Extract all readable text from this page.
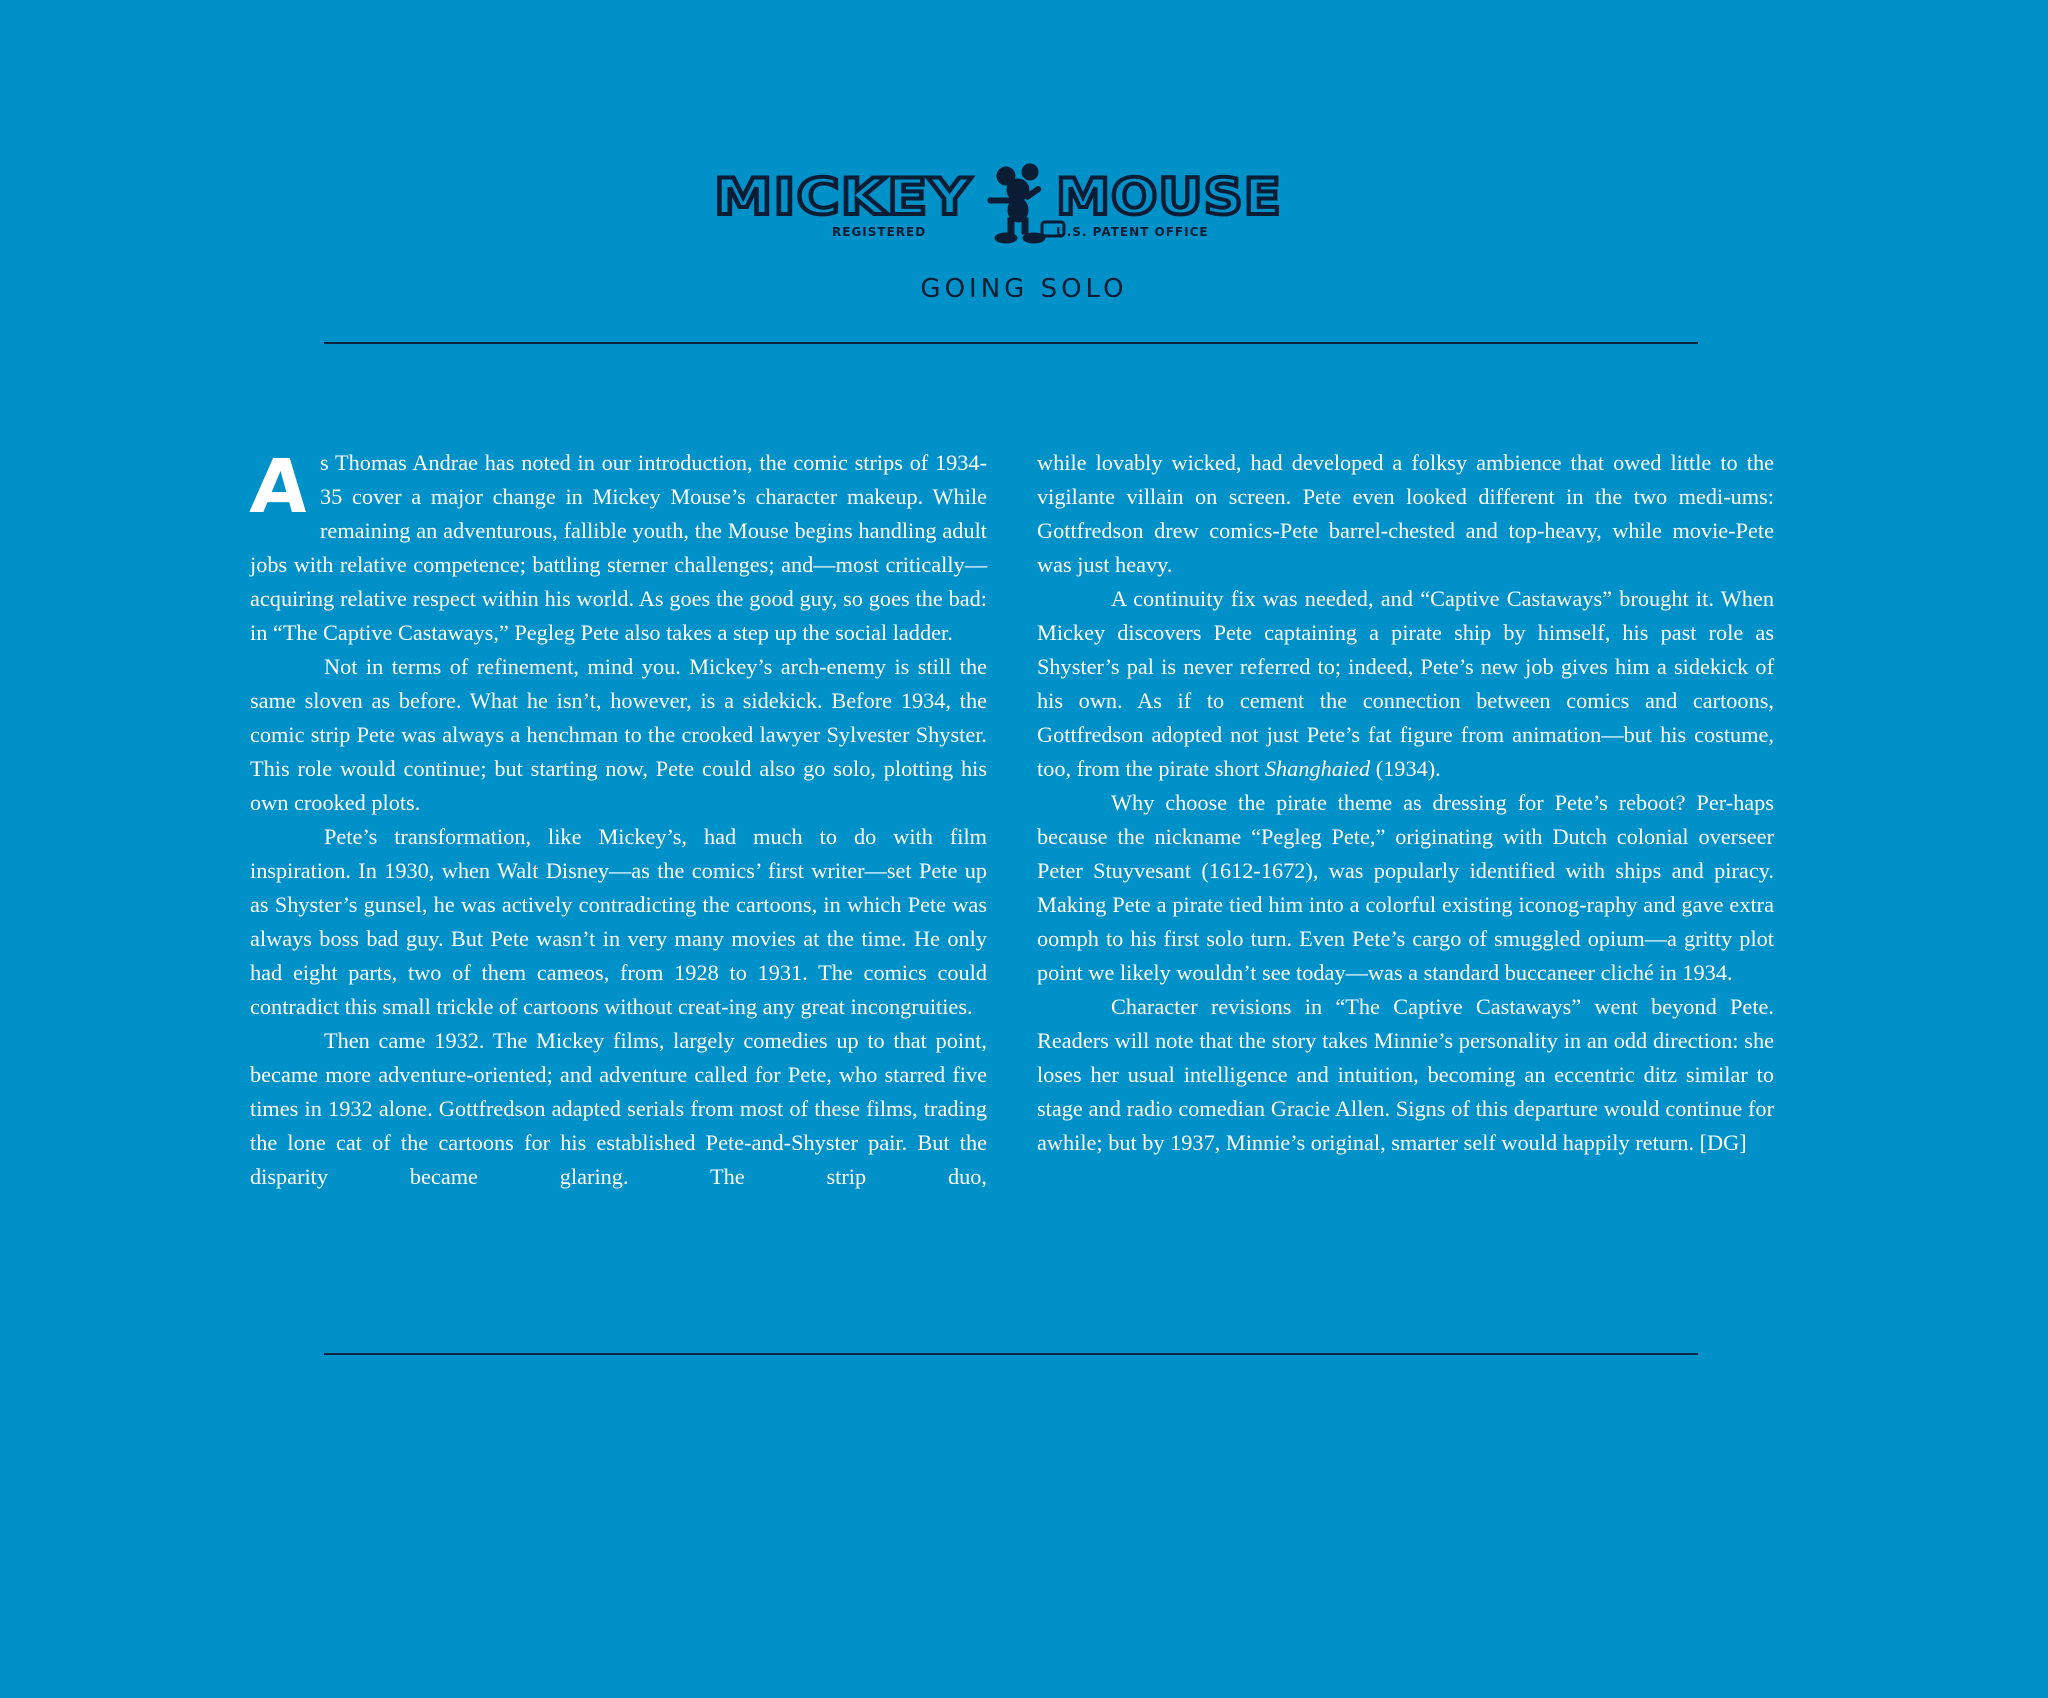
MICKEY
REGISTERED
MOUSE
U.S. PATENT OFFICE
GOING SOLO

As Thomas Andrae has noted in our introduction, the comic strips of 1934-35 cover a major change in Mickey Mouse’s character makeup. While remaining an adventurous, fallible youth, the Mouse begins handling adult jobs with relative competence; battling sterner challenges; and—most critically—acquiring relative respect within his world. As goes the good guy, so goes the bad: in “The Captive Castaways,” Pegleg Pete also takes a step up the social ladder.

Not in terms of refinement, mind you. Mickey’s arch-enemy is still the same sloven as before. What he isn’t, however, is a sidekick. Before 1934, the comic strip Pete was always a henchman to the crooked lawyer Sylvester Shyster. This role would continue; but starting now, Pete could also go solo, plotting his own crooked plots.

Pete’s transformation, like Mickey’s, had much to do with film inspiration. In 1930, when Walt Disney—as the comics’ first writer—set Pete up as Shyster’s gunsel, he was actively contradicting the cartoons, in which Pete was always boss bad guy. But Pete wasn’t in very many movies at the time. He only had eight parts, two of them cameos, from 1928 to 1931. The comics could contradict this small trickle of cartoons without creat-ing any great incongruities.

Then came 1932. The Mickey films, largely comedies up to that point, became more adventure-oriented; and adventure called for Pete, who starred five times in 1932 alone. Gottfredson adapted serials from most of these films, trading the lone cat of the cartoons for his established Pete-and-Shyster pair. But the disparity became glaring. The strip duo,

while lovably wicked, had developed a folksy ambience that owed little to the vigilante villain on screen. Pete even looked different in the two medi-ums: Gottfredson drew comics-Pete barrel-chested and top-heavy, while movie-Pete was just heavy.

A continuity fix was needed, and “Captive Castaways” brought it. When Mickey discovers Pete captaining a pirate ship by himself, his past role as Shyster’s pal is never referred to; indeed, Pete’s new job gives him a sidekick of his own. As if to cement the connection between comics and cartoons, Gottfredson adopted not just Pete’s fat figure from animation—but his costume, too, from the pirate short Shanghaied (1934).

Why choose the pirate theme as dressing for Pete’s reboot? Per-haps because the nickname “Pegleg Pete,” originating with Dutch colonial overseer Peter Stuyvesant (1612-1672), was popularly identified with ships and piracy. Making Pete a pirate tied him into a colorful existing iconog-raphy and gave extra oomph to his first solo turn. Even Pete’s cargo of smuggled opium—a gritty plot point we likely wouldn’t see today—was a standard buccaneer cliché in 1934.

Character revisions in “The Captive Castaways” went beyond Pete. Readers will note that the story takes Minnie’s personality in an odd direction: she loses her usual intelligence and intuition, becoming an eccentric ditz similar to stage and radio comedian Gracie Allen. Signs of this departure would continue for awhile; but by 1937, Minnie’s original, smarter self would happily return. [DG]
